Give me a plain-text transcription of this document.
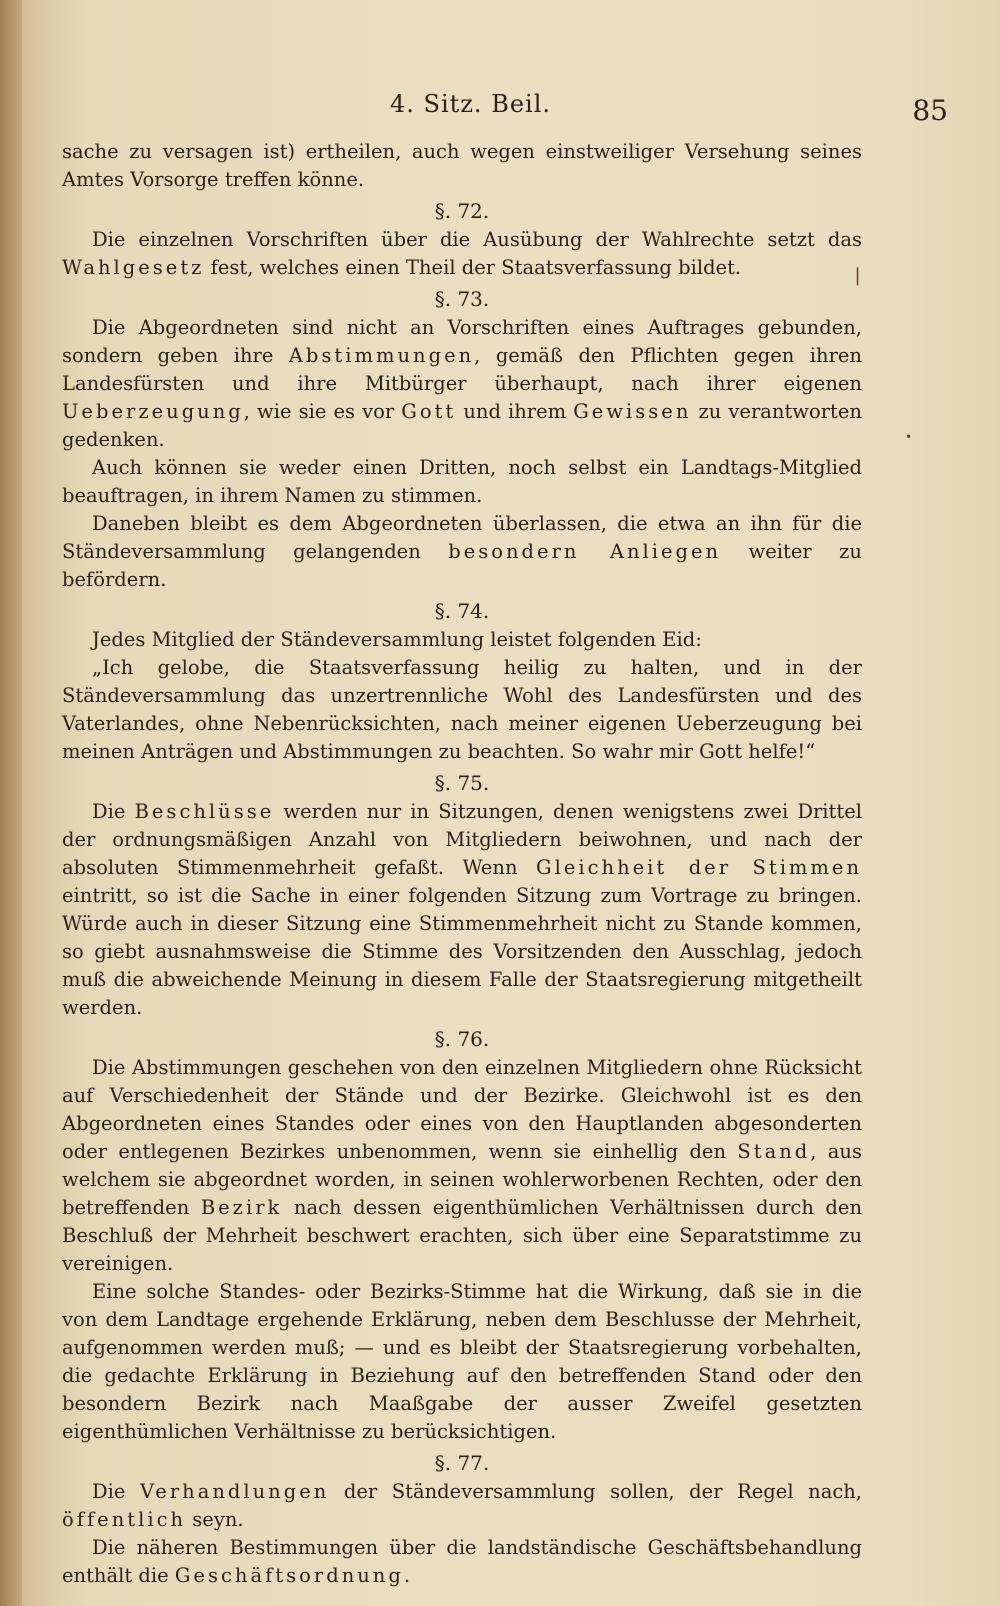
4. Sitz. Beil.	85
❘
•

sache zu versagen ist) ertheilen, auch wegen einstweiliger Versehung seines Amtes Vorsorge treffen könne.

§. 72.

Die einzelnen Vorschriften über die Ausübung der Wahlrechte setzt das Wahlgesetz fest, welches einen Theil der Staatsverfassung bildet.

§. 73.

Die Abgeordneten sind nicht an Vorschriften eines Auftrages gebunden, sondern geben ihre Abstimmungen, gemäß den Pflichten gegen ihren Landesfürsten und ihre Mitbürger überhaupt, nach ihrer eigenen Ueberzeugung, wie sie es vor Gott und ihrem Gewissen zu verantworten gedenken.

Auch können sie weder einen Dritten, noch selbst ein Landtags-Mitglied beauftragen, in ihrem Namen zu stimmen.

Daneben bleibt es dem Abgeordneten überlassen, die etwa an ihn für die Ständeversammlung gelangenden besondern Anliegen weiter zu befördern.

§. 74.

Jedes Mitglied der Ständeversammlung leistet folgenden Eid:

„Ich gelobe, die Staatsverfassung heilig zu halten, und in der Ständeversammlung das unzertrennliche Wohl des Landesfürsten und des Vaterlandes, ohne Nebenrücksichten, nach meiner eigenen Ueberzeugung bei meinen Anträgen und Abstimmungen zu beachten. So wahr mir Gott helfe!“

§. 75.

Die Beschlüsse werden nur in Sitzungen, denen wenigstens zwei Drittel der ordnungsmäßigen Anzahl von Mitgliedern beiwohnen, und nach der absoluten Stimmenmehrheit gefaßt. Wenn Gleichheit der Stimmen eintritt, so ist die Sache in einer folgenden Sitzung zum Vortrage zu bringen. Würde auch in dieser Sitzung eine Stimmenmehrheit nicht zu Stande kommen, so giebt ausnahmsweise die Stimme des Vorsitzenden den Ausschlag, jedoch muß die abweichende Meinung in diesem Falle der Staatsregierung mitgetheilt werden.

§. 76.

Die Abstimmungen geschehen von den einzelnen Mitgliedern ohne Rücksicht auf Verschiedenheit der Stände und der Bezirke. Gleichwohl ist es den Abgeordneten eines Standes oder eines von den Hauptlanden abgesonderten oder entlegenen Bezirkes unbenommen, wenn sie einhellig den Stand, aus welchem sie abgeordnet worden, in seinen wohlerworbenen Rechten, oder den betreffenden Bezirk nach dessen eigenthümlichen Verhältnissen durch den Beschluß der Mehrheit beschwert erachten, sich über eine Separatstimme zu vereinigen.

Eine solche Standes- oder Bezirks-Stimme hat die Wirkung, daß sie in die von dem Landtage ergehende Erklärung, neben dem Beschlusse der Mehrheit, aufgenommen werden muß; — und es bleibt der Staatsregierung vorbehalten, die gedachte Erklärung in Beziehung auf den betreffenden Stand oder den besondern Bezirk nach Maaßgabe der ausser Zweifel gesetzten eigenthümlichen Verhältnisse zu berücksichtigen.

§. 77.

Die Verhandlungen der Ständeversammlung sollen, der Regel nach, öffentlich seyn.

Die näheren Bestimmungen über die landständische Geschäftsbehandlung enthält die Geschäftsordnung.
